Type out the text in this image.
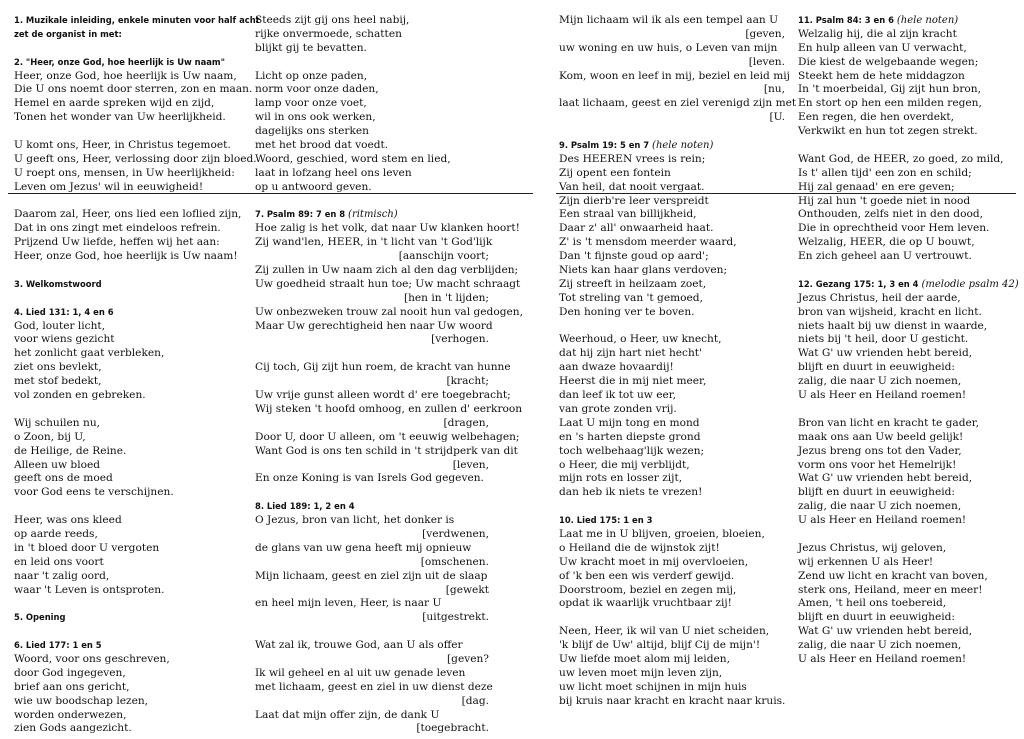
1. Muzikale inleiding, enkele minuten voor half acht
zet de organist in met:
2. "Heer, onze God, hoe heerlijk is Uw naam"
Heer, onze God, hoe heerlijk is Uw naam,
Die U ons noemt door sterren, zon en maan.
Hemel en aarde spreken wijd en zijd,
Tonen het wonder van Uw heerlijkheid.
U komt ons, Heer, in Christus tegemoet.
U geeft ons, Heer, verlossing door zijn bloed.
U roept ons, mensen, in Uw heerlijkheid:
Leven om Jezus' wil in eeuwigheid!
Daarom zal, Heer, ons lied een loflied zijn,
Dat in ons zingt met eindeloos refrein.
Prijzend Uw liefde, heffen wij het aan:
Heer, onze God, hoe heerlijk is Uw naam!
3. Welkomstwoord
4. Lied 131: 1, 4 en 6
God, louter licht,
voor wiens gezicht
het zonlicht gaat verbleken,
ziet ons bevlekt,
met stof bedekt,
vol zonden en gebreken.
Wij schuilen nu,
o Zoon, bij U,
de Heilige, de Reine.
Alleen uw bloed
geeft ons de moed
voor God eens te verschijnen.
Heer, was ons kleed
op aarde reeds,
in 't bloed door U vergoten
en leid ons voort
naar 't zalig oord,
waar 't Leven is ontsproten.
5. Opening
6. Lied 177: 1 en 5
Woord, voor ons geschreven,
door God ingegeven,
brief aan ons gericht,
wie uw boodschap lezen,
worden onderwezen,
zien Gods aangezicht.
Steeds zijt gij ons heel nabij,
rijke onvermoede, schatten
blijkt gij te bevatten.
Licht op onze paden,
norm voor onze daden,
lamp voor onze voet,
wil in ons ook werken,
dagelijks ons sterken
met het brood dat voedt.
Woord, geschied, word stem en lied,
laat in lofzang heel ons leven
op u antwoord geven.
7. Psalm 89: 7 en 8 (ritmisch)
Hoe zalig is het volk, dat naar Uw klanken hoort!
Zij wand'len, HEER, in 't licht van 't God'lijk
[aanschijn voort;
Zij zullen in Uw naam zich al den dag verblijden;
Uw goedheid straalt hun toe; Uw macht schraagt
[hen in 't lijden;
Uw onbezweken trouw zal nooit hun val gedogen,
Maar Uw gerechtigheid hen naar Uw woord
[verhogen.
Cij toch, Gij zijt hun roem, de kracht van hunne
[kracht;
Uw vrije gunst alleen wordt d' ere toegebracht;
Wij steken 't hoofd omhoog, en zullen d' eerkroon
[dragen,
Door U, door U alleen, om 't eeuwig welbehagen;
Want God is ons ten schild in 't strijdperk van dit
[leven,
En onze Koning is van Isrels God gegeven.
8. Lied 189: 1, 2 en 4
O Jezus, bron van licht, het donker is
[verdwenen,
de glans van uw gena heeft mij opnieuw
[omschenen.
Mijn lichaam, geest en ziel zijn uit de slaap
[gewekt
en heel mijn leven, Heer, is naar U
[uitgestrekt.
Wat zal ik, trouwe God, aan U als offer
[geven?
Ik wil geheel en al uit uw genade leven
met lichaam, geest en ziel in uw dienst deze
[dag.
Laat dat mijn offer zijn, de dank U
[toegebracht.
Mijn lichaam wil ik als een tempel aan U
[geven,
uw woning en uw huis, o Leven van mijn
[leven.
Kom, woon en leef in mij, beziel en leid mij
[nu,
laat lichaam, geest en ziel verenigd zijn met
[U.
9. Psalm 19: 5 en 7 (hele noten)
Des HEEREN vrees is rein;
Zij opent een fontein
Van heil, dat nooit vergaat.
Zijn dierb're leer verspreidt
Een straal van billijkheid,
Daar z' all' onwaarheid haat.
Z' is 't mensdom meerder waard,
Dan 't fijnste goud op aard';
Niets kan haar glans verdoven;
Zij streeft in heilzaam zoet,
Tot streling van 't gemoed,
Den honing ver te boven.
Weerhoud, o Heer, uw knecht,
dat hij zijn hart niet hecht'
aan dwaze hovaardij!
Heerst die in mij niet meer,
dan leef ik tot uw eer,
van grote zonden vrij.
Laat U mijn tong en mond
en 's harten diepste grond
toch welbehaag'lijk wezen;
o Heer, die mij verblijdt,
mijn rots en losser zijt,
dan heb ik niets te vrezen!
10. Lied 175: 1 en 3
Laat me in U blijven, groeien, bloeien,
o Heiland die de wijnstok zijt!
Uw kracht moet in mij overvloeien,
of 'k ben een wis verderf gewijd.
Doorstroom, beziel en zegen mij,
opdat ik waarlijk vruchtbaar zij!
Neen, Heer, ik wil van U niet scheiden,
'k blijf de Uw' altijd, blijf Cij de mijn'!
Uw liefde moet alom mij leiden,
uw leven moet mijn leven zijn,
uw licht moet schijnen in mijn huis
bij kruis naar kracht en kracht naar kruis.
11. Psalm 84: 3 en 6 (hele noten)
Welzalig hij, die al zijn kracht
En hulp alleen van U verwacht,
Die kiest de welgebaande wegen;
Steekt hem de hete middagzon
In 't moerbeidal, Gij zijt hun bron,
En stort op hen een milden regen,
Een regen, die hen overdekt,
Verkwikt en hun tot zegen strekt.
Want God, de HEER, zo goed, zo mild,
Is t' allen tijd' een zon en schild;
Hij zal genaad' en ere geven;
Hij zal hun 't goede niet in nood
Onthouden, zelfs niet in den dood,
Die in oprechtheid voor Hem leven.
Welzalig, HEER, die op U bouwt,
En zich geheel aan U vertrouwt.
12. Gezang 175: 1, 3 en 4 (melodie psalm 42)
Jezus Christus, heil der aarde,
bron van wijsheid, kracht en licht.
niets haalt bij uw dienst in waarde,
niets bij 't heil, door U gesticht.
Wat G' uw vrienden hebt bereid,
blijft en duurt in eeuwigheid:
zalig, die naar U zich noemen,
U als Heer en Heiland roemen!
Bron van licht en kracht te gader,
maak ons aan Uw beeld gelijk!
Jezus breng ons tot den Vader,
vorm ons voor het Hemelrijk!
Wat G' uw vrienden hebt bereid,
blijft en duurt in eeuwigheid:
zalig, die naar U zich noemen,
U als Heer en Heiland roemen!
Jezus Christus, wij geloven,
wij erkennen U als Heer!
Zend uw licht en kracht van boven,
sterk ons, Heiland, meer en meer!
Amen, 't heil ons toebereid,
blijft en duurt in eeuwigheid:
Wat G' uw vrienden hebt bereid,
zalig, die naar U zich noemen,
U als Heer en Heiland roemen!
